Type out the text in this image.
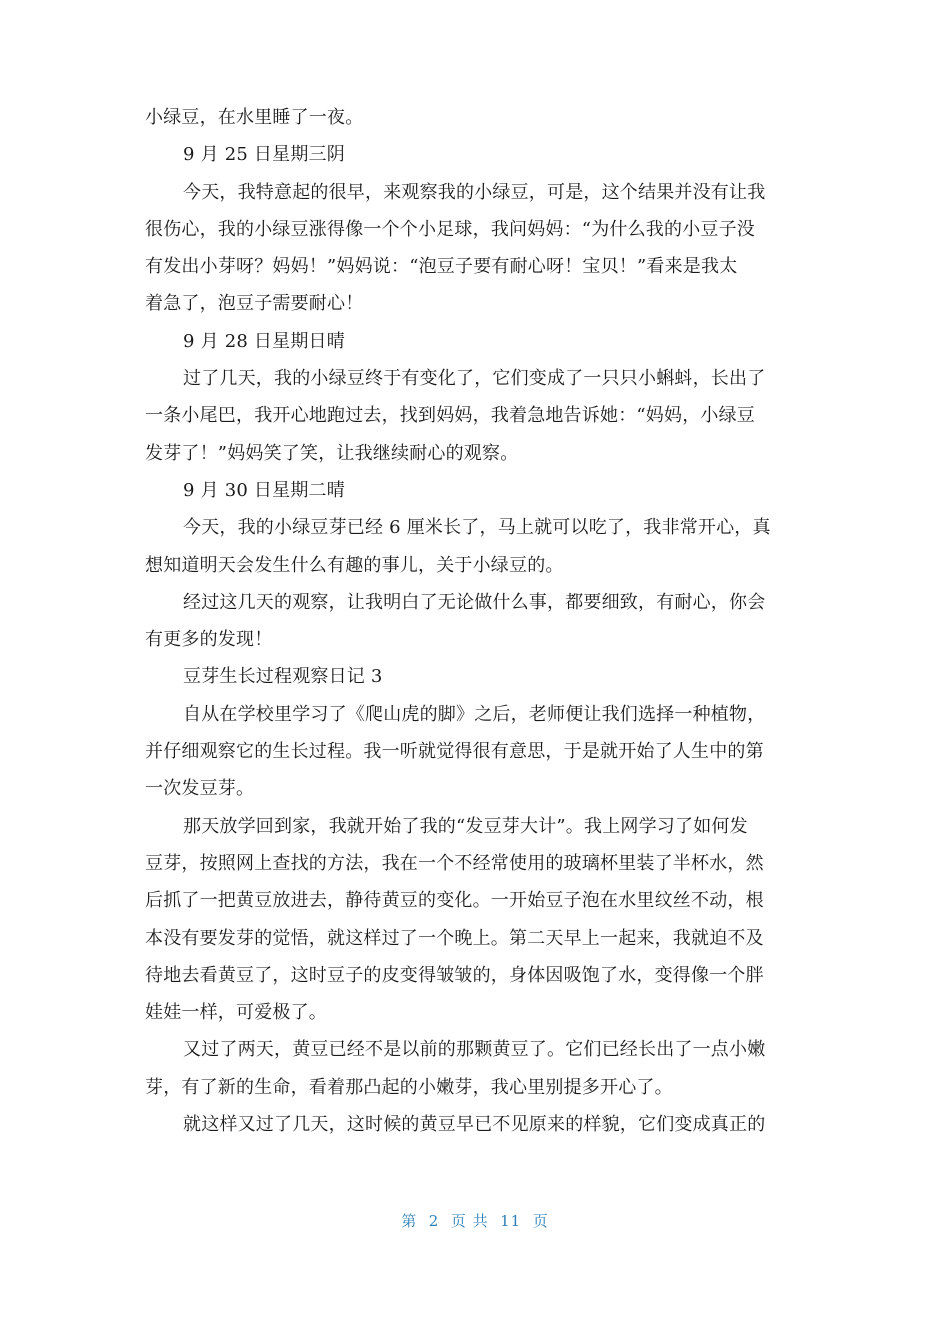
小绿豆，在水里睡了一夜。
9 月 25 日星期三阴
今天，我特意起的很早，来观察我的小绿豆，可是，这个结果并没有让我
很伤心，我的小绿豆涨得像一个个小足球，我问妈妈：“为什么我的小豆子没
有发出小芽呀？妈妈！”妈妈说：“泡豆子要有耐心呀！宝贝！”看来是我太
着急了，泡豆子需要耐心！
9 月 28 日星期日晴
过了几天，我的小绿豆终于有变化了，它们变成了一只只小蝌蚪，长出了
一条小尾巴，我开心地跑过去，找到妈妈，我着急地告诉她：“妈妈，小绿豆
发芽了！”妈妈笑了笑，让我继续耐心的观察。
9 月 30 日星期二晴
今天，我的小绿豆芽已经 6 厘米长了，马上就可以吃了，我非常开心，真
想知道明天会发生什么有趣的事儿，关于小绿豆的。
经过这几天的观察，让我明白了无论做什么事，都要细致，有耐心，你会
有更多的发现！
豆芽生长过程观察日记 3
自从在学校里学习了《爬山虎的脚》之后，老师便让我们选择一种植物，
并仔细观察它的生长过程。我一听就觉得很有意思，于是就开始了人生中的第
一次发豆芽。
那天放学回到家，我就开始了我的“发豆芽大计”。我上网学习了如何发
豆芽，按照网上查找的方法，我在一个不经常使用的玻璃杯里装了半杯水，然
后抓了一把黄豆放进去，静待黄豆的变化。一开始豆子泡在水里纹丝不动，根
本没有要发芽的觉悟，就这样过了一个晚上。第二天早上一起来，我就迫不及
待地去看黄豆了，这时豆子的皮变得皱皱的，身体因吸饱了水，变得像一个胖
娃娃一样，可爱极了。
又过了两天，黄豆已经不是以前的那颗黄豆了。它们已经长出了一点小嫩
芽，有了新的生命，看着那凸起的小嫩芽，我心里别提多开心了。
就这样又过了几天，这时候的黄豆早已不见原来的样貌，它们变成真正的
第  2  页 共  11  页
